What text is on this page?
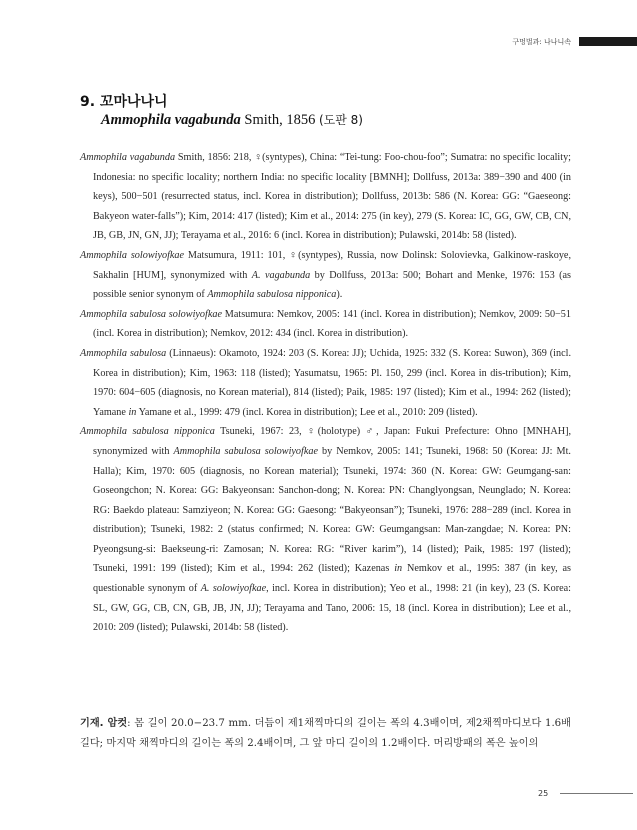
구멍벌과: 나나니속
9. 꼬마나나니

Ammophila vagabunda Smith, 1856 (도판 8)

Ammophila vagabunda Smith, 1856: 218, ♀(syntypes), China: “Tei-tung: Foo-chou-foo”; Sumatra: no specific locality; Indonesia: no specific locality; northern India: no specific locality [BMNH]; Dollfuss, 2013a: 389−390 and 400 (in keys), 500−501 (resurrected status, incl. Korea in distribution); Dollfuss, 2013b: 586 (N. Korea: GG: “Gaeseong: Bakyeon water-falls”); Kim, 2014: 417 (listed); Kim et al., 2014: 275 (in key), 279 (S. Korea: IC, GG, GW, CB, CN, JB, GB, JN, GN, JJ); Terayama et al., 2016: 6 (incl. Korea in distribution); Pulawski, 2014b: 58 (listed).

Ammophila solowiyofkae Matsumura, 1911: 101, ♀(syntypes), Russia, now Dolinsk: Solovievka, Galkinow-raskoye, Sakhalin [HUM], synonymized with A. vagabunda by Dollfuss, 2013a: 500; Bohart and Menke, 1976: 153 (as possible senior synonym of Ammophila sabulosa nipponica).

Ammophila sabulosa solowiyofkae Matsumura: Nemkov, 2005: 141 (incl. Korea in distribution); Nemkov, 2009: 50−51 (incl. Korea in distribution); Nemkov, 2012: 434 (incl. Korea in distribution).

Ammophila sabulosa (Linnaeus): Okamoto, 1924: 203 (S. Korea: JJ); Uchida, 1925: 332 (S. Korea: Suwon), 369 (incl. Korea in distribution); Kim, 1963: 118 (listed); Yasumatsu, 1965: Pl. 150, 299 (incl. Korea in dis-tribution); Kim, 1970: 604−605 (diagnosis, no Korean material), 814 (listed); Paik, 1985: 197 (listed); Kim et al., 1994: 262 (listed); Yamane in Yamane et al., 1999: 479 (incl. Korea in distribution); Lee et al., 2010: 209 (listed).

Ammophila sabulosa nipponica Tsuneki, 1967: 23, ♀(holotype) ♂, Japan: Fukui Prefecture: Ohno [MNHAH], synonymized with Ammophila sabulosa solowiyofkae by Nemkov, 2005: 141; Tsuneki, 1968: 50 (Korea: JJ: Mt. Halla); Kim, 1970: 605 (diagnosis, no Korean material); Tsuneki, 1974: 360 (N. Korea: GW: Geumgang-san: Goseongchon; N. Korea: GG: Bakyeonsan: Sanchon-dong; N. Korea: PN: Changlyongsan, Neunglado; N. Korea: RG: Baekdo plateau: Samziyeon; N. Korea: GG: Gaesong: “Bakyeonsan”); Tsuneki, 1976: 288−289 (incl. Korea in distribution); Tsuneki, 1982: 2 (status confirmed; N. Korea: GW: Geumgangsan: Man-zangdae; N. Korea: PN: Pyeongsung-si: Baekseung-ri: Zamosan; N. Korea: RG: “River karim”), 14 (listed); Paik, 1985: 197 (listed); Tsuneki, 1991: 199 (listed); Kim et al., 1994: 262 (listed); Kazenas in Nemkov et al., 1995: 387 (in key, as questionable synonym of A. solowiyofkae, incl. Korea in distribution); Yeo et al., 1998: 21 (in key), 23 (S. Korea: SL, GW, GG, CB, CN, GB, JB, JN, JJ); Terayama and Tano, 2006: 15, 18 (incl. Korea in distribution); Lee et al., 2010: 209 (listed); Pulawski, 2014b: 58 (listed).

기재. 암컷: 몸 길이 20.0−23.7 mm. 더듬이 제1채찍마디의 길이는 폭의 4.3배이며, 제2채찍마디보다 1.6배 길다; 마지막 채찍마디의 길이는 폭의 2.4배이며, 그 앞 마디 길이의 1.2배이다. 머리방패의 폭은 높이의

25
